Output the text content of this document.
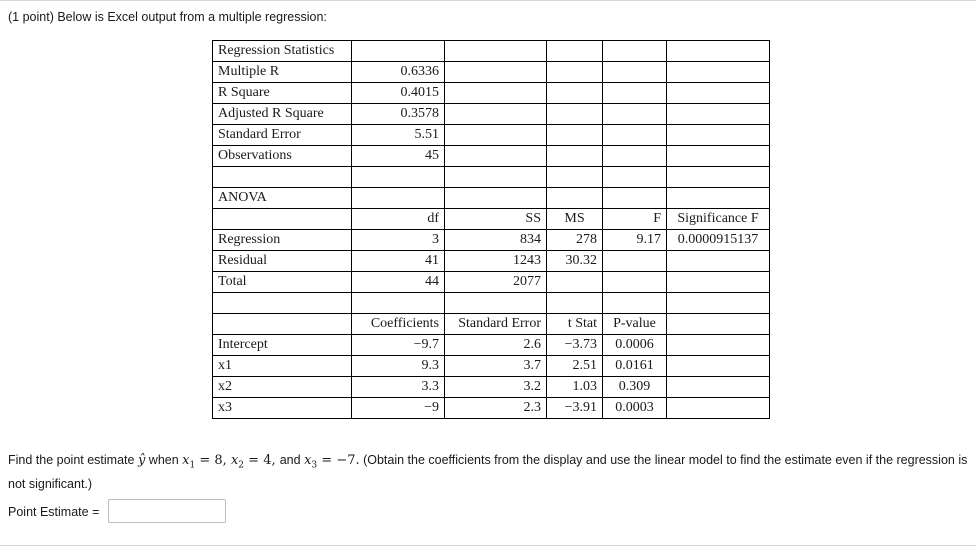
(1 point) Below is Excel output from a multiple regression:
Regression Statistics					
Multiple R	0.6336				
R Square	0.4015				
Adjusted R Square	0.3578				
Standard Error	5.51				
Observations	45				

ANOVA					
	df	SS	MS	F	Significance F
Regression	3	834	278	9.17	0.0000915137
Residual	41	1243	30.32		
Total	44	2077			

	Coefficients	Standard Error	t Stat	P-value	
Intercept	−9.7	2.6	−3.73	0.0006	
x1	9.3	3.7	2.51	0.0161	
x2	3.3	3.2	1.03	0.309	
x3	−9	2.3	−3.91	0.0003	
Find the point estimate ŷ when $x_1 = 8$, $x_2 = 4$, and $x_3 = -7$. (Obtain the coefficients from the display and use the linear model to find the estimate even if the regression is not significant.)
Point Estimate =
